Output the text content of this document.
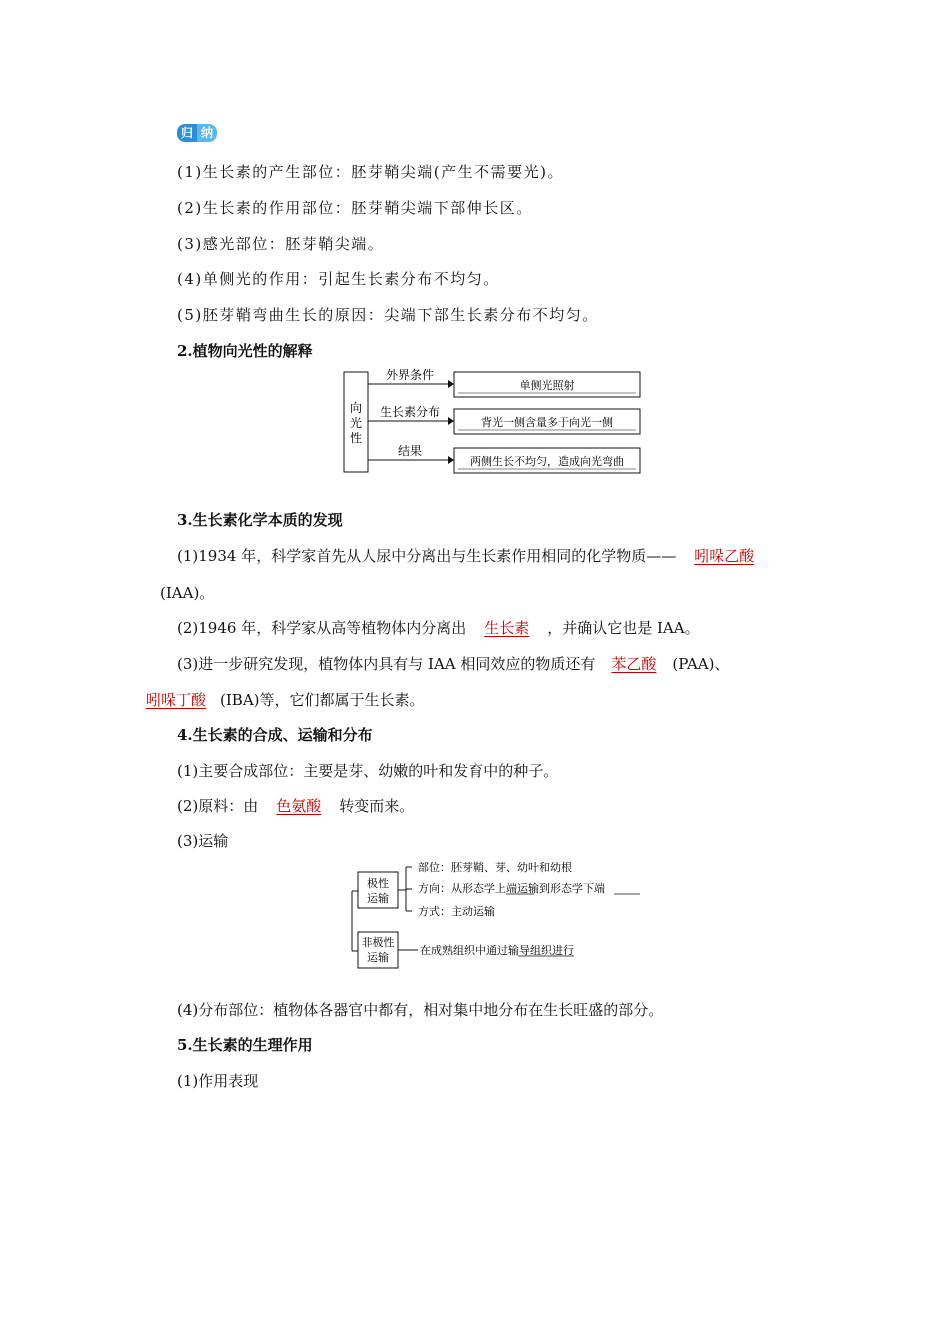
归 纳
(1)生长素的产生部位：胚芽鞘尖端(产生不需要光)。
(2)生长素的作用部位：胚芽鞘尖端下部伸长区。
(3)感光部位：胚芽鞘尖端。
(4)单侧光的作用：引起生长素分布不均匀。
(5)胚芽鞘弯曲生长的原因：尖端下部生长素分布不均匀。
2.植物向光性的解释
向
光
性
外界条件
单侧光照射
生长素分布
背光一侧含量多于向光一侧
结果
两侧生长不均匀，造成向光弯曲
3.生长素化学本质的发现
(1)1934 年，科学家首先从人尿中分离出与生长素作用相同的化学物质—— 吲哚乙酸
(IAA)。
(2)1946 年，科学家从高等植物体内分离出 生长素 ，并确认它也是 IAA。
(3)进一步研究发现，植物体内具有与 IAA 相同效应的物质还有 苯乙酸 (PAA)、
吲哚丁酸 (IBA)等，它们都属于生长素。
4.生长素的合成、运输和分布
(1)主要合成部位：主要是芽、幼嫩的叶和发育中的种子。
(2)原料：由 色氨酸 转变而来。
(3)运输
极性
运输
部位：胚芽鞘、芽、幼叶和幼根
方向：从形态学上端运输到形态学下端
方式：主动运输
非极性
运输
在成熟组织中通过输导组织进行
(4)分布部位：植物体各器官中都有，相对集中地分布在生长旺盛的部分。
5.生长素的生理作用
(1)作用表现
